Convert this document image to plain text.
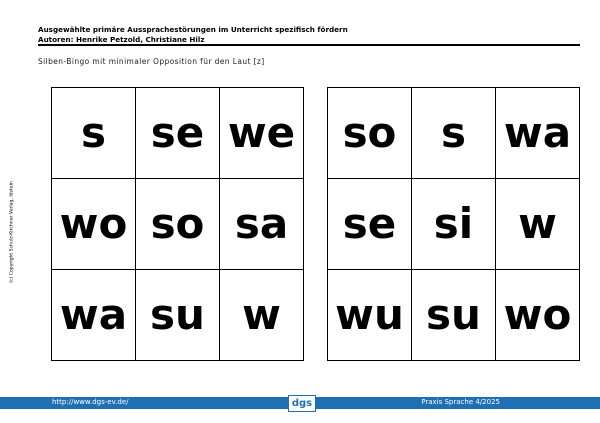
Ausgewählte primäre Aussprachestörungen im Unterricht spezifisch fördern
Autoren: Henrike Petzold, Christiane Hilz
Silben-Bingo mit minimaler Opposition für den Laut [z]
(c) Copyright Schulz-Kirchner Verlag, Idstein
s	se we
wo so sa
wa su w
so	s wa
se si	w
wu su wo
http://www.dgs-ev.de/	Praxis Sprache 4/2025
dgs
